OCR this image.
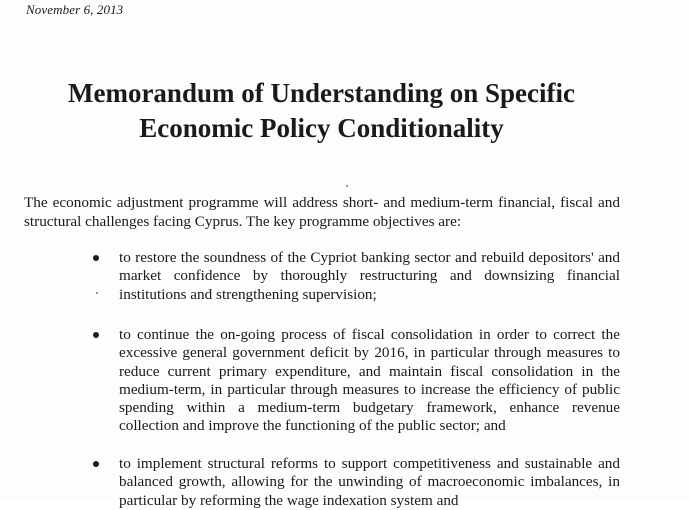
November 6, 2013
Memorandum of Understanding on Specific
Economic Policy Conditionality

The economic adjustment programme will address short- and medium-term financial, fiscal and structural challenges facing Cyprus. The key programme objectives are:

to restore the soundness of the Cypriot banking sector and rebuild depositors' and market confidence by thoroughly restructuring and downsizing financial institutions and strengthening supervision;
to continue the on-going process of fiscal consolidation in order to correct the excessive general government deficit by 2016, in particular through measures to reduce current primary expenditure, and maintain fiscal consolidation in the medium-term, in particular through measures to increase the efficiency of public spending within a medium-term budgetary framework, enhance revenue collection and improve the functioning of the public sector; and
to implement structural reforms to support competitiveness and sustainable and balanced growth, allowing for the unwinding of macroeconomic imbalances, in particular by reforming the wage indexation system and
